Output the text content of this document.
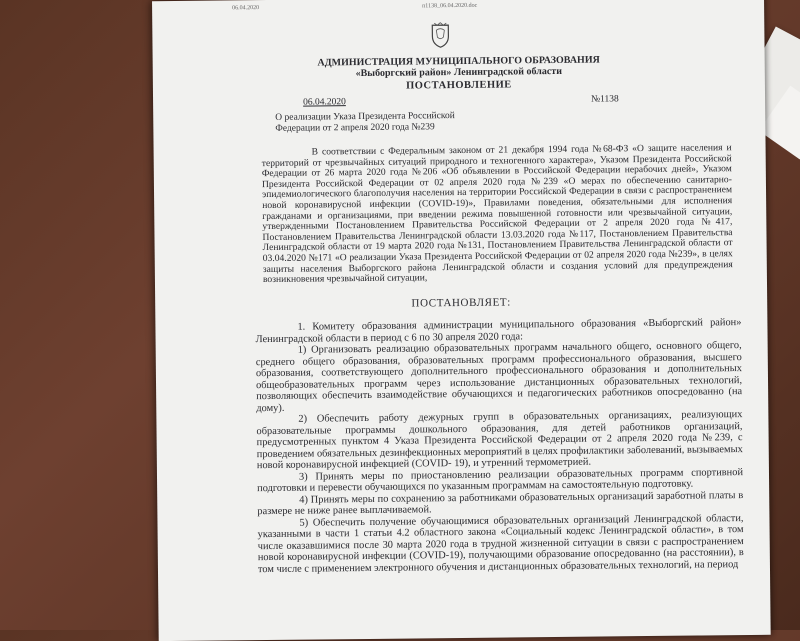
06.04.2020	п1138_06.04.2020.doc
АДМИНИСТРАЦИЯ МУНИЦИПАЛЬНОГО ОБРАЗОВАНИЯ
«Выборгский район» Ленинградской области
ПОСТАНОВЛЕНИЕ
06.04.2020	№1138
О реализации Указа Президента Российской
Федерации от 2 апреля 2020 года №239
В соответствии с Федеральным законом от 21 декабря 1994 года №68-ФЗ «О защите населения и территорий от чрезвычайных ситуаций природного и техногенного характера», Указом Президента Российской Федерации от 26 марта 2020 года №206 «Об объявлении в Российской Федерации нерабочих дней», Указом Президента Российской Федерации от 02 апреля 2020 года №239 «О мерах по обеспечению санитарно-эпидемиологического благополучия населения на территории Российской Федерации в связи с распространением новой коронавирусной инфекции (COVID-19)», Правилами поведения, обязательными для исполнения гражданами и организациями, при введении режима повышенной готовности или чрезвычайной ситуации, утвержденными Постановлением Правительства Российской Федерации от 2 апреля 2020 года №417, Постановлением Правительства Ленинградской области 13.03.2020 года №117, Постановлением Правительства Ленинградской области от 19 марта 2020 года №131, Постановлением Правительства Ленинградской области от 03.04.2020 №171 «О реализации Указа Президента Российской Федерации от 02 апреля 2020 года №239», в целях защиты населения Выборгского района Ленинградской области и создания условий для предупреждения возникновения чрезвычайной ситуации,
ПОСТАНОВЛЯЕТ:

1. Комитету образования администрации муниципального образования «Выборгский район» Ленинградской области в период с 6 по 30 апреля 2020 года:

1) Организовать реализацию образовательных программ начального общего, основного общего, среднего общего образования, образовательных программ профессионального образования, высшего образования, соответствующего дополнительного профессионального образования и дополнительных общеобразовательных программ через использование дистанционных образовательных технологий, позволяющих обеспечить взаимодействие обучающихся и педагогических работников опосредованно (на дому).

2) Обеспечить работу дежурных групп в образовательных организациях, реализующих образовательные программы дошкольного образования, для детей работников организаций, предусмотренных пунктом 4 Указа Президента Российской Федерации от 2 апреля 2020 года №239, с проведением обязательных дезинфекционных мероприятий в целях профилактики заболеваний, вызываемых новой коронавирусной инфекцией (COVID- 19), и утренний термометрией.

3) Принять меры по приостановлению реализации образовательных программ спортивной подготовки и перевести обучающихся по указанным программам на самостоятельную подготовку.

4) Принять меры по сохранению за работниками образовательных организаций заработной платы в размере не ниже ранее выплачиваемой.

5) Обеспечить получение обучающимися образовательных организаций Ленинградской области, указанными в части 1 статьи 4.2 областного закона «Социальный кодекс Ленинградской области», в том числе оказавшимися после 30 марта 2020 года в трудной жизненной ситуации в связи с распространением новой коронавирусной инфекции (COVID-19), получающими образование опосредованно (на расстоянии), в том числе с применением электронного обучения и дистанционных образовательных технологий, на период
